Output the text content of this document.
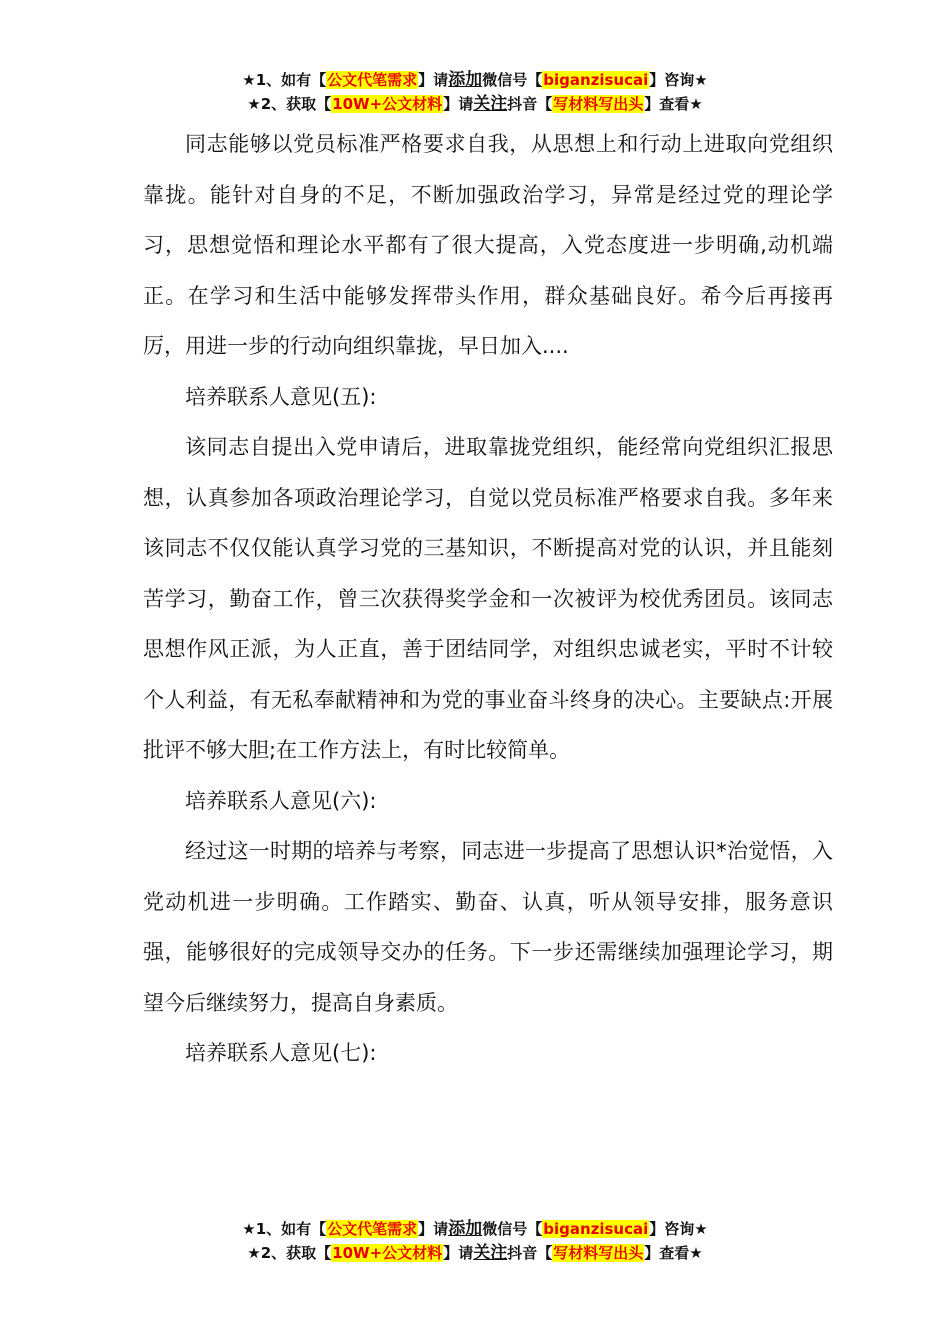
★1、如有【公文代笔需求】请添加微信号【biganzisucai】咨询★
★2、获取【10W+公文材料】请关注抖音【写材料写出头】查看★

同志能够以党员标准严格要求自我，从思想上和行动上进取向党组织靠拢。能针对自身的不足，不断加强政治学习，异常是经过党的理论学习，思想觉悟和理论水平都有了很大提高，入党态度进一步明确,动机端正。在学习和生活中能够发挥带头作用，群众基础良好。希今后再接再厉，用进一步的行动向组织靠拢，早日加入....

培养联系人意见(五):

该同志自提出入党申请后，进取靠拢党组织，能经常向党组织汇报思想，认真参加各项政治理论学习，自觉以党员标准严格要求自我。多年来该同志不仅仅能认真学习党的三基知识，不断提高对党的认识，并且能刻苦学习，勤奋工作，曾三次获得奖学金和一次被评为校优秀团员。该同志思想作风正派，为人正直，善于团结同学，对组织忠诚老实，平时不计较个人利益，有无私奉献精神和为党的事业奋斗终身的决心。主要缺点:开展批评不够大胆;在工作方法上，有时比较简单。

培养联系人意见(六):

经过这一时期的培养与考察，同志进一步提高了思想认识*治觉悟，入党动机进一步明确。工作踏实、勤奋、认真，听从领导安排，服务意识强，能够很好的完成领导交办的任务。下一步还需继续加强理论学习，期望今后继续努力，提高自身素质。

培养联系人意见(七):

★1、如有【公文代笔需求】请添加微信号【biganzisucai】咨询★
★2、获取【10W+公文材料】请关注抖音【写材料写出头】查看★
